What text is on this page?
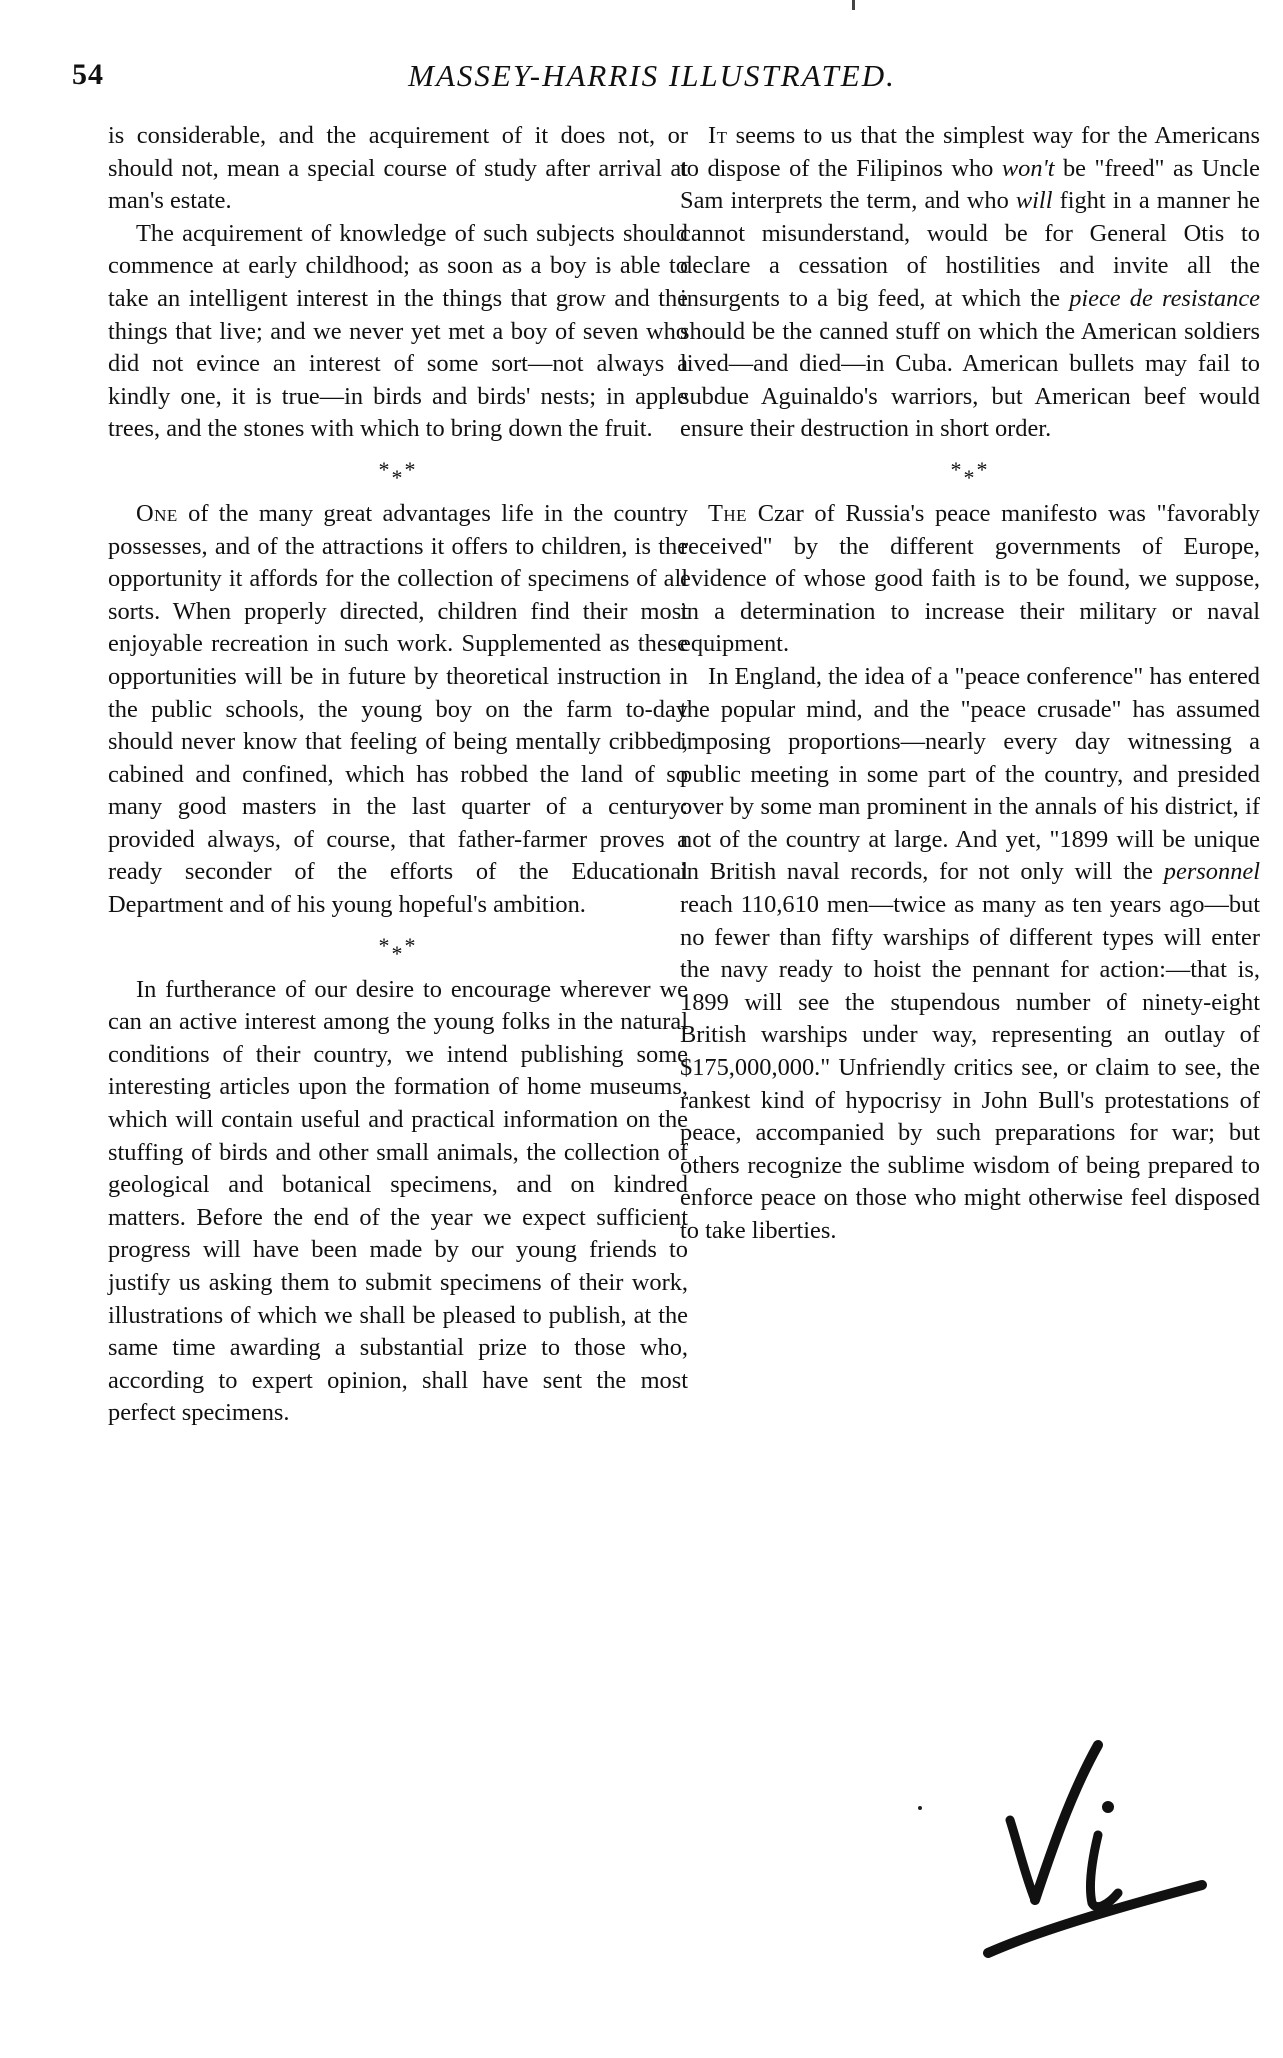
54	MASSEY-HARRIS ILLUSTRATED.

is considerable, and the acquirement of it does not, or should not, mean a special course of study after arrival at man's estate.

The acquirement of knowledge of such subjects should commence at early childhood; as soon as a boy is able to take an intelligent interest in the things that grow and the things that live; and we never yet met a boy of seven who did not evince an interest of some sort—not always a kindly one, it is true—in birds and birds' nests; in apple trees, and the stones with which to bring down the fruit.

***

One of the many great advantages life in the country possesses, and of the attractions it offers to children, is the opportunity it affords for the collection of specimens of all sorts. When properly directed, children find their most enjoyable recreation in such work. Supplemented as these opportunities will be in future by theoretical instruction in the public schools, the young boy on the farm to-day should never know that feeling of being mentally cribbed, cabined and confined, which has robbed the land of so many good masters in the last quarter of a century: provided always, of course, that father-farmer proves a ready seconder of the efforts of the Educational Department and of his young hopeful's ambition.

***

In furtherance of our desire to encourage wherever we can an active interest among the young folks in the natural conditions of their country, we intend publishing some interesting articles upon the formation of home museums, which will contain useful and practical information on the stuffing of birds and other small animals, the collection of geological and botanical specimens, and on kindred matters. Before the end of the year we expect sufficient progress will have been made by our young friends to justify us asking them to submit specimens of their work, illustrations of which we shall be pleased to publish, at the same time awarding a substantial prize to those who, according to expert opinion, shall have sent the most perfect specimens.

It seems to us that the simplest way for the Americans to dispose of the Filipinos who won't be "freed" as Uncle Sam interprets the term, and who will fight in a manner he cannot misunderstand, would be for General Otis to declare a cessation of hostilities and invite all the insurgents to a big feed, at which the piece de resistance should be the canned stuff on which the American soldiers lived—and died—in Cuba. American bullets may fail to subdue Aguinaldo's warriors, but American beef would ensure their destruction in short order.

***

The Czar of Russia's peace manifesto was "favorably received" by the different governments of Europe, evidence of whose good faith is to be found, we suppose, in a determination to increase their military or naval equipment.

In England, the idea of a "peace conference" has entered the popular mind, and the "peace crusade" has assumed imposing proportions—nearly every day witnessing a public meeting in some part of the country, and presided over by some man prominent in the annals of his district, if not of the country at large. And yet, "1899 will be unique in British naval records, for not only will the personnel reach 110,610 men—twice as many as ten years ago—but no fewer than fifty warships of different types will enter the navy ready to hoist the pennant for action:—that is, 1899 will see the stupendous number of ninety-eight British warships under way, representing an outlay of $175,000,000." Unfriendly critics see, or claim to see, the rankest kind of hypocrisy in John Bull's protestations of peace, accompanied by such preparations for war; but others recognize the sublime wisdom of being prepared to enforce peace on those who might otherwise feel disposed to take liberties.
